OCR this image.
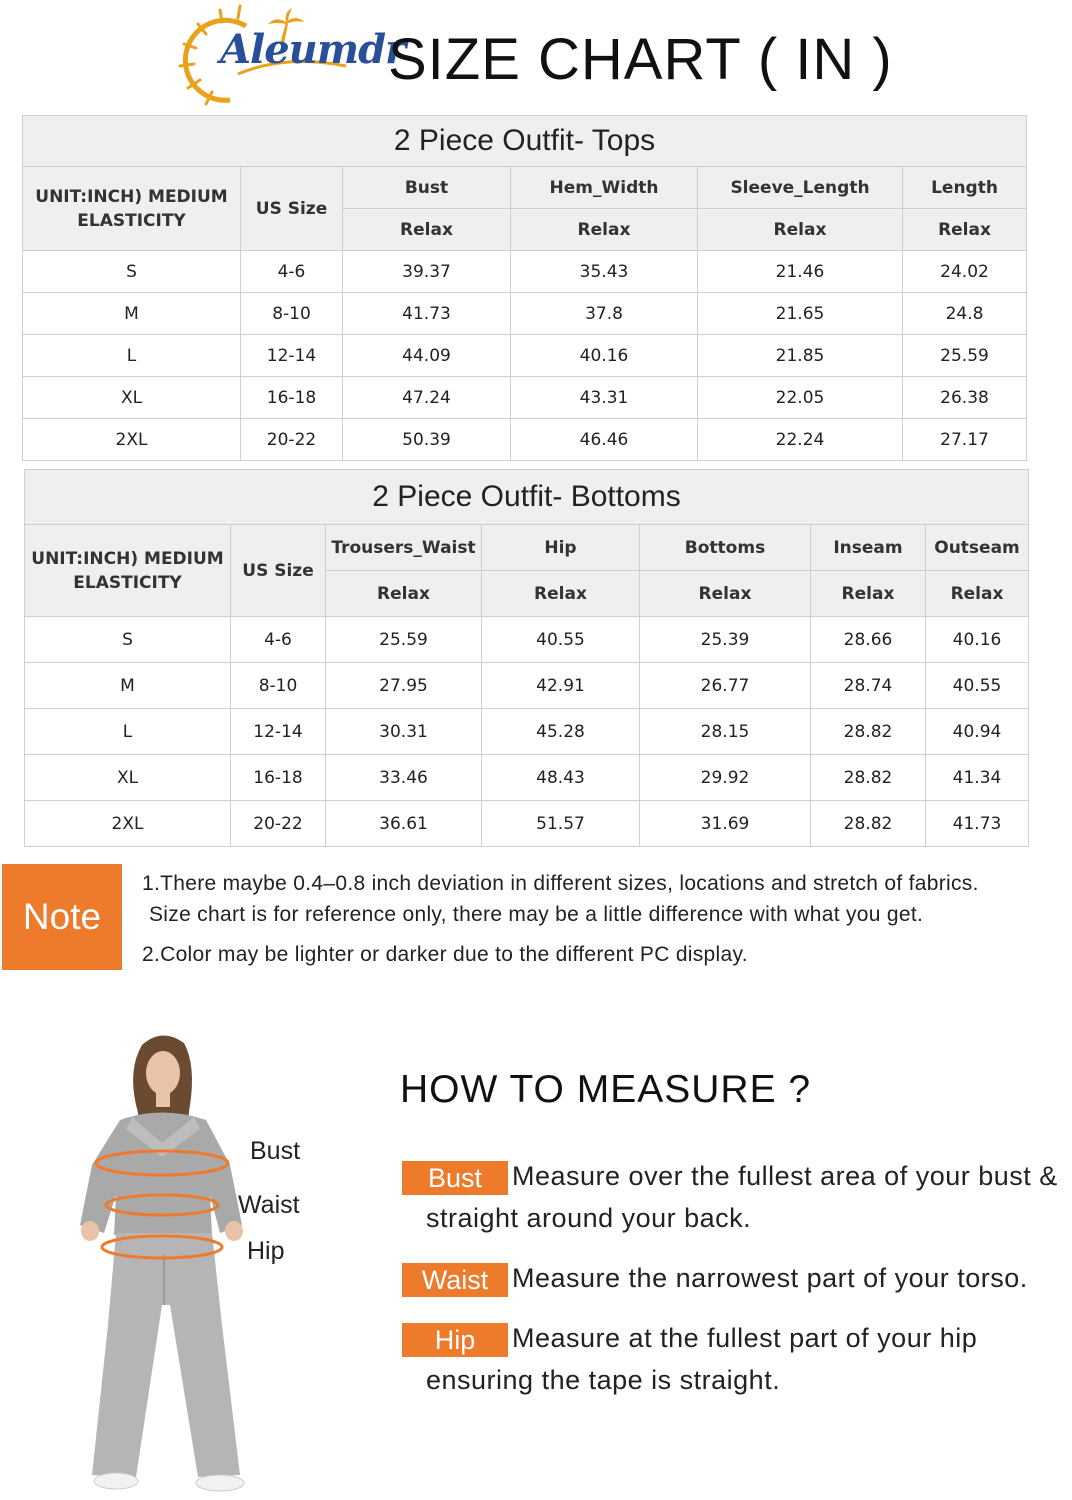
Aleumdr
SIZE CHART ( IN )
2 Piece Outfit- Tops					
UNIT:INCH) MEDIUM ELASTICITY	US Size	Bust	Hem_Width	Sleeve_Length	Length
		Relax	Relax	Relax	Relax
S	4-6	39.37	35.43	21.46	24.02
M	8-10	41.73	37.8	21.65	24.8
L	12-14	44.09	40.16	21.85	25.59
XL	16-18	47.24	43.31	22.05	26.38
2XL	20-22	50.39	46.46	22.24	27.17
2 Piece Outfit- Bottoms						
UNIT:INCH) MEDIUM ELASTICITY	US Size	Trousers_Waist	Hip	Bottoms	Inseam	Outseam
		Relax	Relax	Relax	Relax	Relax
S	4-6	25.59	40.55	25.39	28.66	40.16
M	8-10	27.95	42.91	26.77	28.74	40.55
L	12-14	30.31	45.28	28.15	28.82	40.94
XL	16-18	33.46	48.43	29.92	28.82	41.34
2XL	20-22	36.61	51.57	31.69	28.82	41.73
Note
1.There maybe 0.4–0.8 inch deviation in different sizes, locations and stretch of fabrics.
Size chart is for reference only, there may be a little difference with what you get.
2.Color may be lighter or darker due to the different PC display.
Bust
Waist
Hip
HOW TO MEASURE ?
Bust	Measure over the fullest area of your bust &
straight around your back.
Waist Measure the narrowest part of your torso.
Hip	Measure at the fullest part of your hip
ensuring the tape is straight.
